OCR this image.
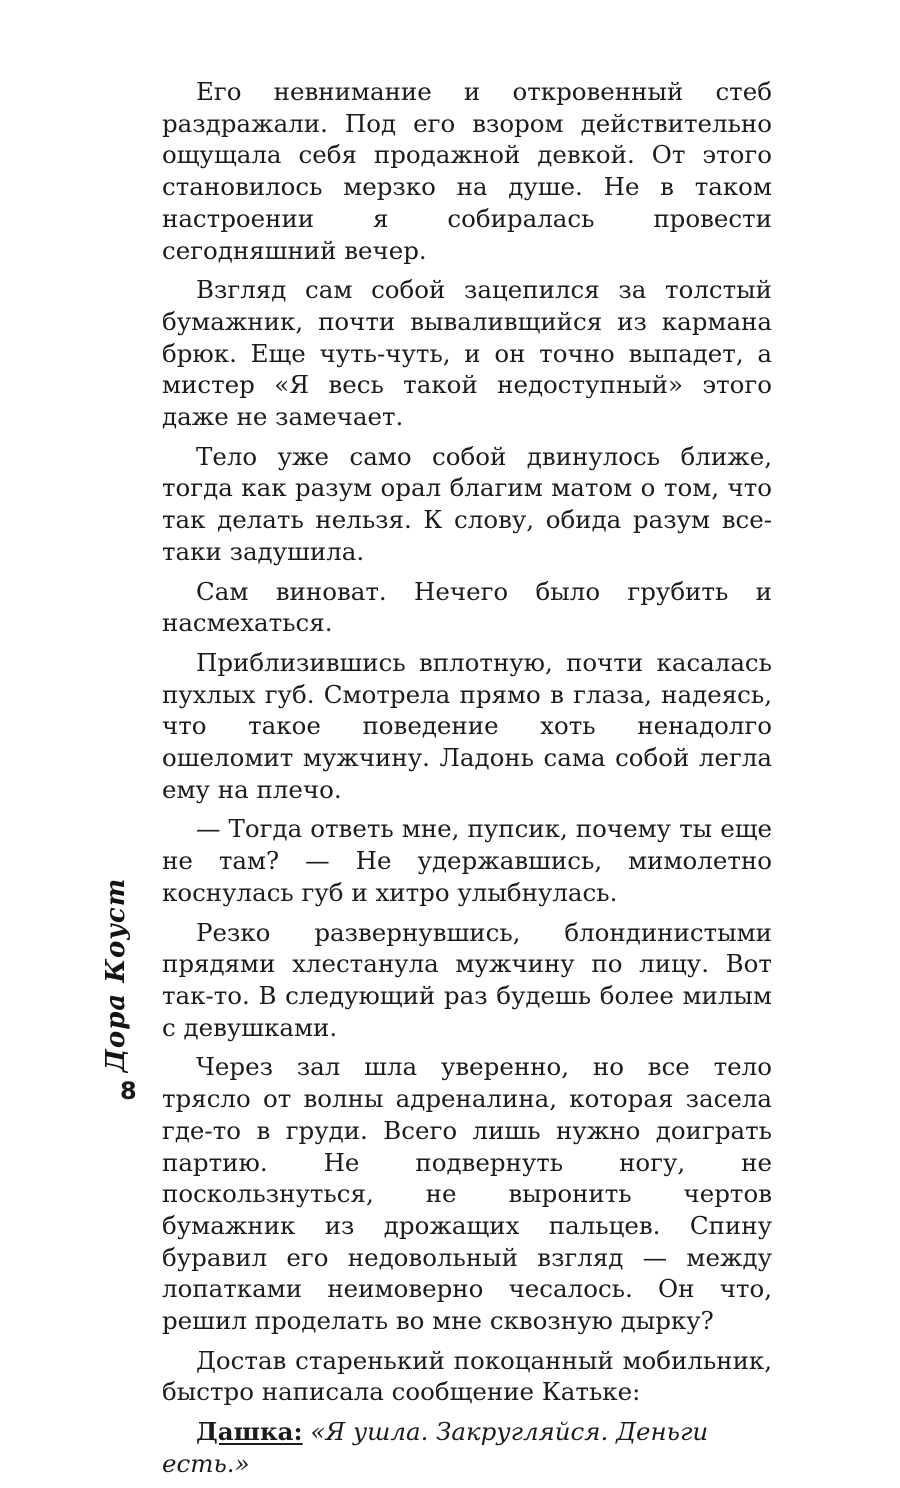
Его невнимание и откровенный стеб раздражали. Под его взором действительно ощущала себя продажной девкой. От этого становилось мерзко на душе. Не в таком настроении я собиралась провести сегодняшний вечер.

Взгляд сам собой зацепился за толстый бумажник, почти вываливщийся из кармана брюк. Еще чуть-чуть, и он точно выпадет, а мистер «Я весь такой недоступный» этого даже не замечает.

Тело уже само собой двинулось ближе, тогда как разум орал благим матом о том, что так делать нельзя. К слову, обида разум все-таки задушила.

Сам виноват. Нечего было грубить и насмехаться.

Приблизившись вплотную, почти касалась пухлых губ. Смотрела прямо в глаза, надеясь, что такое поведение хоть ненадолго ошеломит мужчину. Ладонь сама собой легла ему на плечо.

— Тогда ответь мне, пупсик, почему ты еще не там? — Не удержавшись, мимолетно коснулась губ и хитро улыбнулась.

Резко развернувшись, блондинистыми прядями хлестанула мужчину по лицу. Вот так-то. В следующий раз будешь более милым с девушками.

Через зал шла уверенно, но все тело трясло от волны адреналина, которая засела где-то в груди. Всего лишь нужно доиграть партию. Не подвернуть ногу, не поскользнуться, не выронить чертов бумажник из дрожащих пальцев. Спину буравил его недовольный взгляд — между лопатками неимоверно чесалось. Он что, решил проделать во мне сквозную дырку?

Достав старенький покоцанный мобильник, быстро написала сообщение Катьке:

Дашка: «Я ушла. Закругляйся. Деньги есть.»

Дора Коуст
8
